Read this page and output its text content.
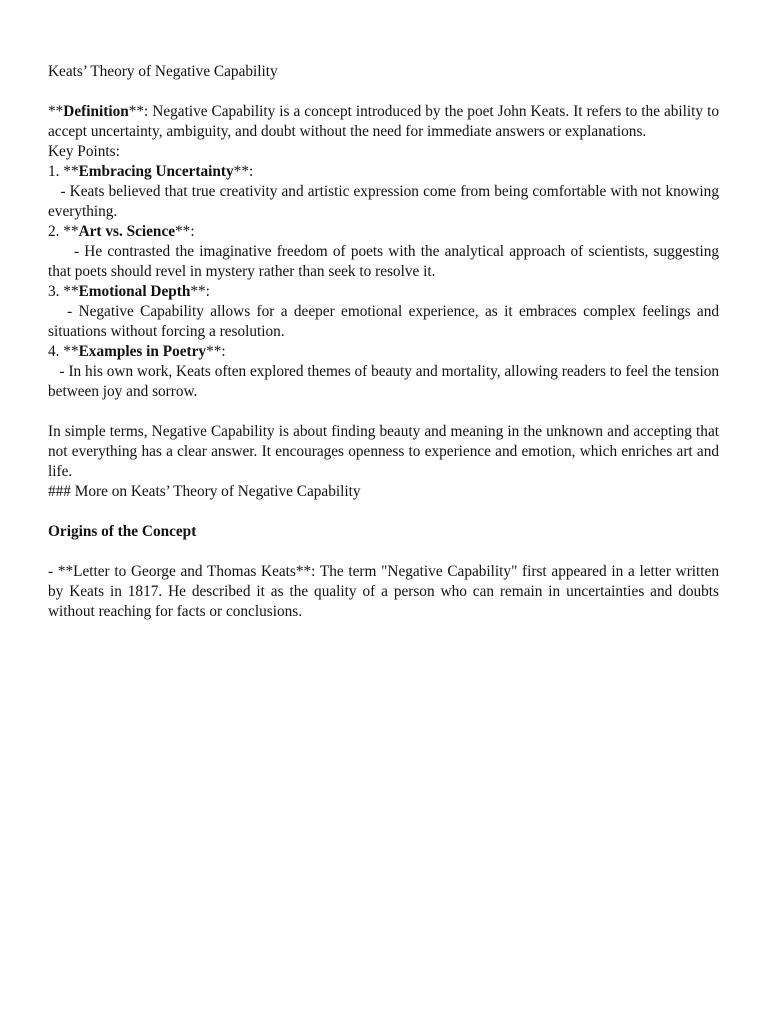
Keats’ Theory of Negative Capability

**Definition**: Negative Capability is a concept introduced by the poet John Keats. It refers to the ability to accept uncertainty, ambiguity, and doubt without the need for immediate answers or explanations.

Key Points:

1. **Embracing Uncertainty**:

- Keats believed that true creativity and artistic expression come from being comfortable with not knowing everything.

2. **Art vs. Science**:

- He contrasted the imaginative freedom of poets with the analytical approach of scientists, suggesting that poets should revel in mystery rather than seek to resolve it.

3. **Emotional Depth**:

- Negative Capability allows for a deeper emotional experience, as it embraces complex feelings and situations without forcing a resolution.

4. **Examples in Poetry**:

- In his own work, Keats often explored themes of beauty and mortality, allowing readers to feel the tension between joy and sorrow.

In simple terms, Negative Capability is about finding beauty and meaning in the unknown and accepting that not everything has a clear answer. It encourages openness to experience and emotion, which enriches art and life.

### More on Keats’ Theory of Negative Capability

Origins of the Concept

- **Letter to George and Thomas Keats**: The term "Negative Capability" first appeared in a letter written by Keats in 1817. He described it as the quality of a person who can remain in uncertainties and doubts without reaching for facts or conclusions.
